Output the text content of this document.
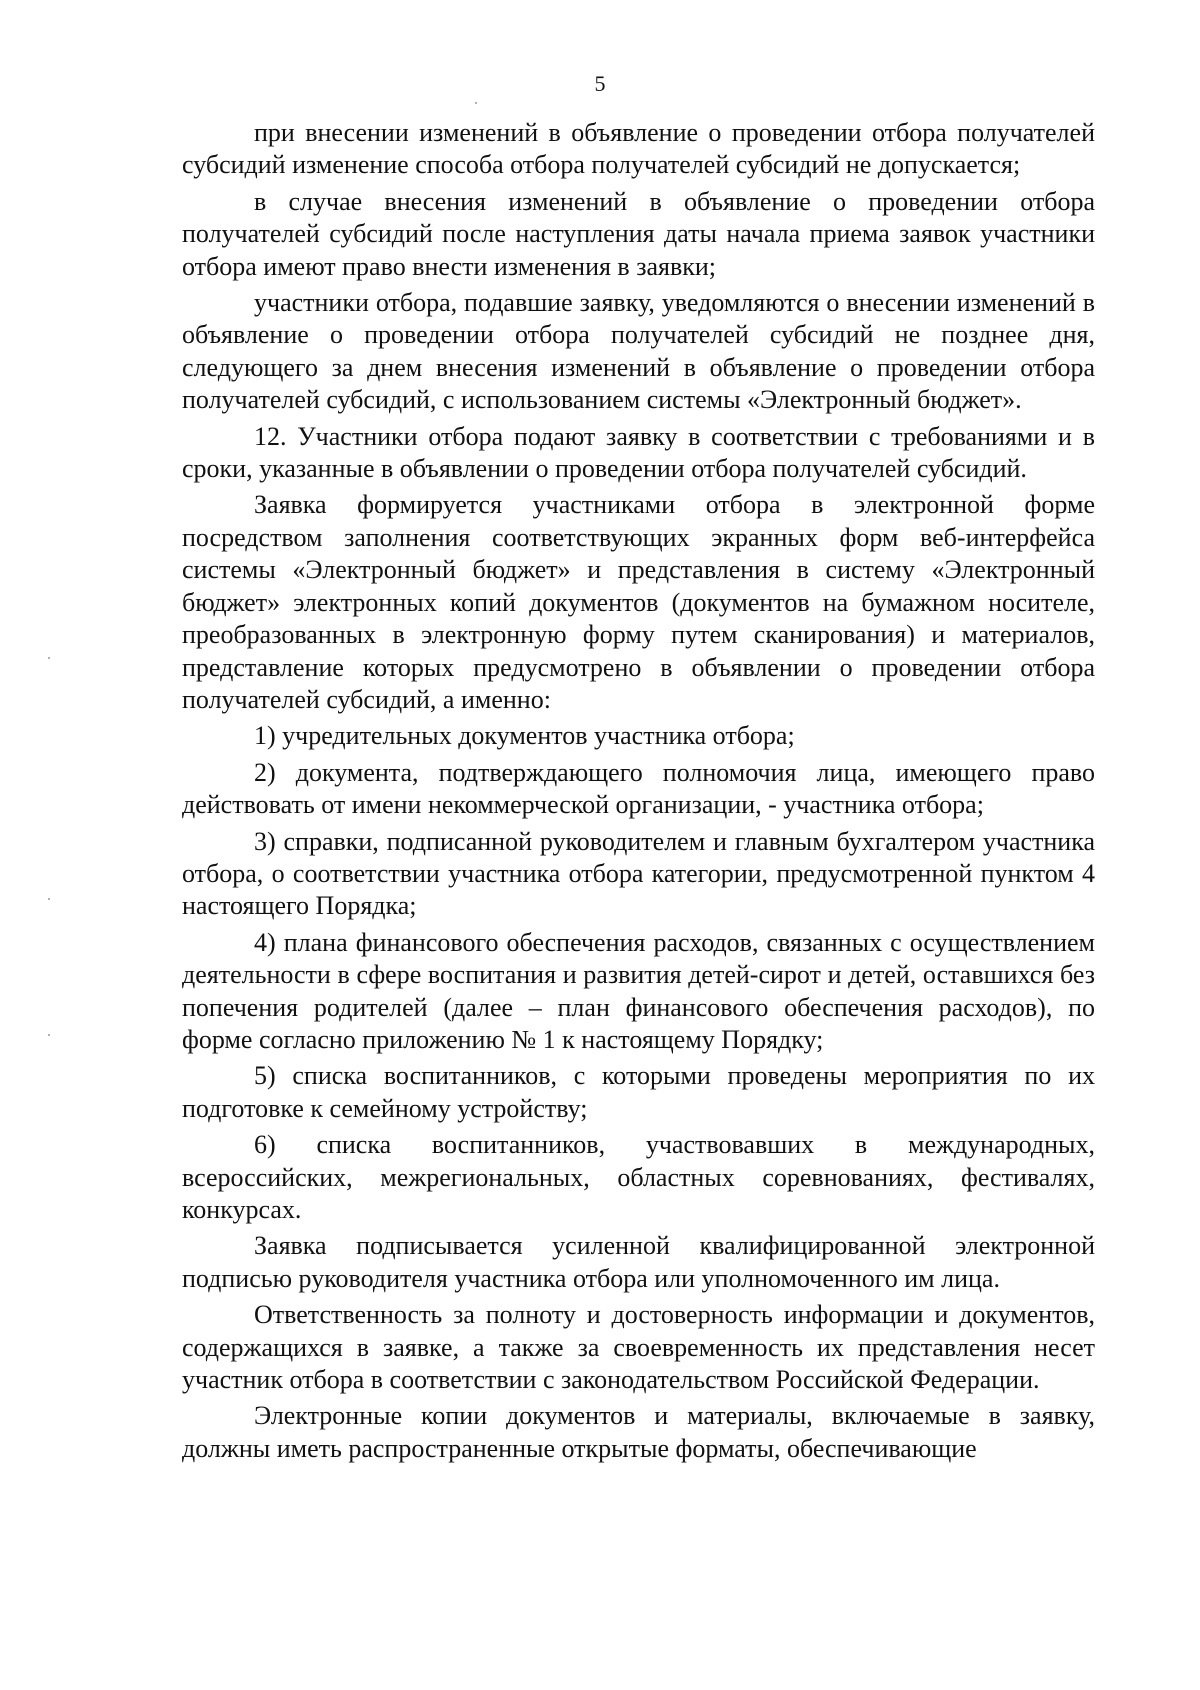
5

при внесении изменений в объявление о проведении отбора получателей субсидий изменение способа отбора получателей субсидий не допускается;

в случае внесения изменений в объявление о проведении отбора получателей субсидий после наступления даты начала приема заявок участники отбора имеют право внести изменения в заявки;

участники отбора, подавшие заявку, уведомляются о внесении изменений в объявление о проведении отбора получателей субсидий не позднее дня, следующего за днем внесения изменений в объявление о проведении отбора получателей субсидий, с использованием системы «Электронный бюджет».

12. Участники отбора подают заявку в соответствии с требованиями и в сроки, указанные в объявлении о проведении отбора получателей субсидий.

Заявка формируется участниками отбора в электронной форме посредством заполнения соответствующих экранных форм веб-интерфейса системы «Электронный бюджет» и представления в систему «Электронный бюджет» электронных копий документов (документов на бумажном носителе, преобразованных в электронную форму путем сканирования) и материалов, представление которых предусмотрено в объявлении о проведении отбора получателей субсидий, а именно:

1) учредительных документов участника отбора;

2) документа, подтверждающего полномочия лица, имеющего право действовать от имени некоммерческой организации, - участника отбора;

3) справки, подписанной руководителем и главным бухгалтером участника отбора, о соответствии участника отбора категории, предусмотренной пунктом 4 настоящего Порядка;

4) плана финансового обеспечения расходов, связанных с осуществлением деятельности в сфере воспитания и развития детей-сирот и детей, оставшихся без попечения родителей (далее – план финансового обеспечения расходов), по форме согласно приложению № 1 к настоящему Порядку;

5) списка воспитанников, с которыми проведены мероприятия по их подготовке к семейному устройству;

6) списка воспитанников, участвовавших в международных, всероссийских, межрегиональных, областных соревнованиях, фестивалях, конкурсах.

Заявка подписывается усиленной квалифицированной электронной подписью руководителя участника отбора или уполномоченного им лица.

Ответственность за полноту и достоверность информации и документов, содержащихся в заявке, а также за своевременность их представления несет участник отбора в соответствии с законодательством Российской Федерации.

Электронные копии документов и материалы, включаемые в заявку, должны иметь распространенные открытые форматы, обеспечивающие
